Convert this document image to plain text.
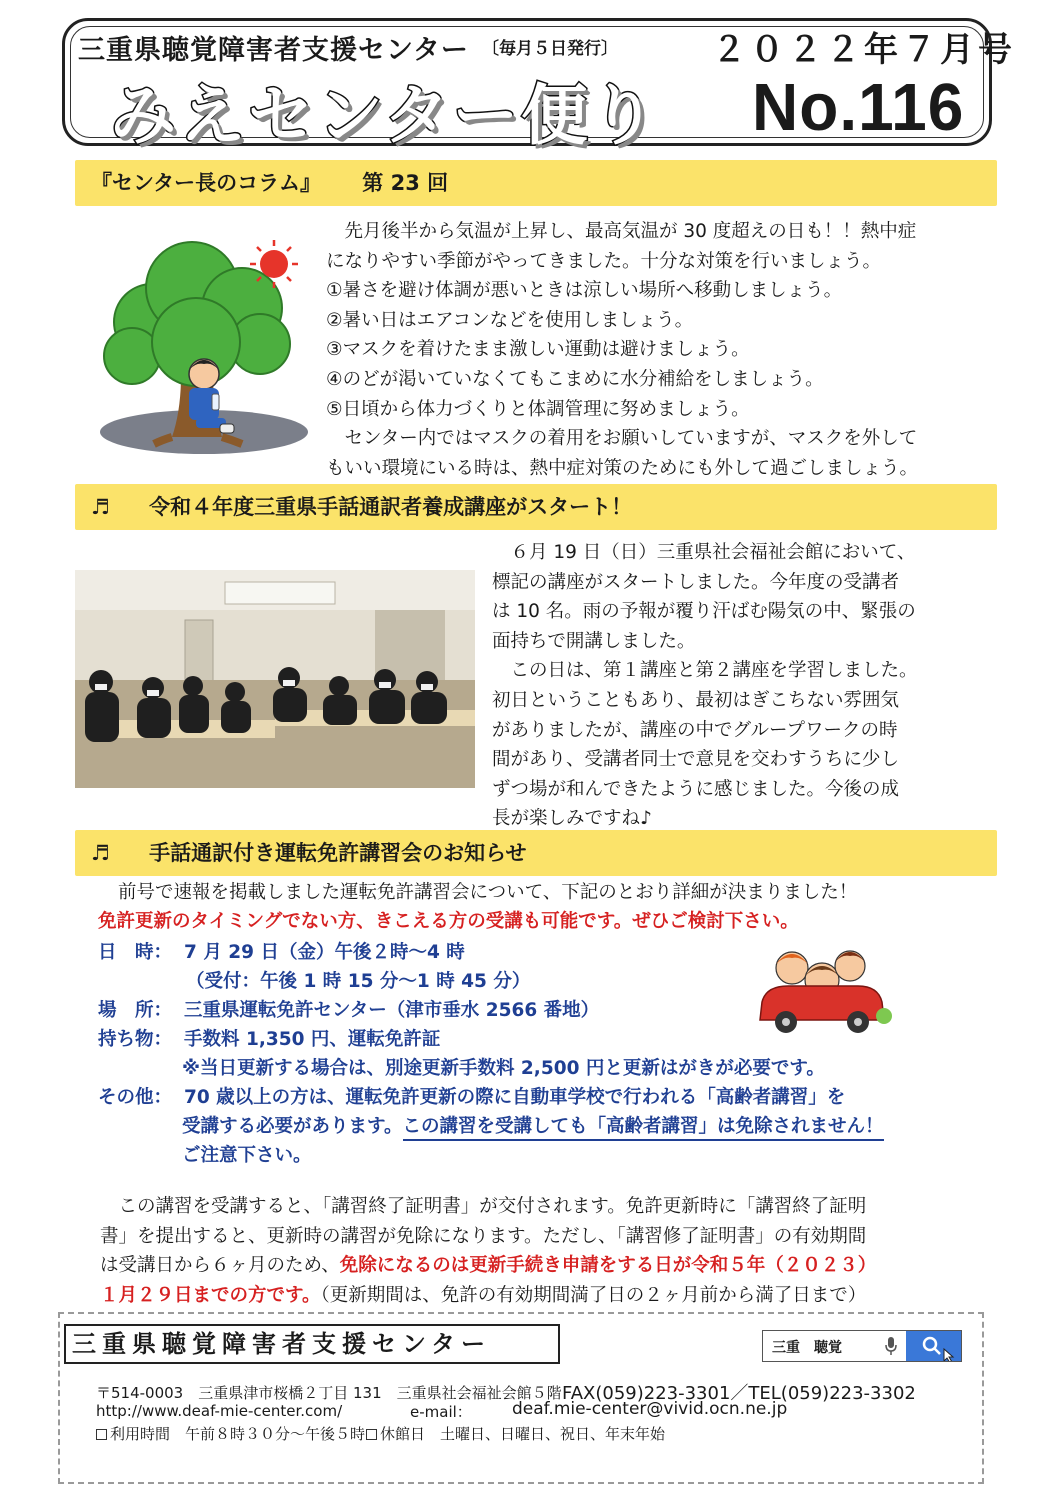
三重県聴覚障害者支援センター 〔毎月５日発行〕	２０２２年７月号
みえセンター便り No.116
『センター長のコラム』 第 23 回
　先月後半から気温が上昇し、最高気温が 30 度超えの日も！！熱中症
になりやすい季節がやってきました。十分な対策を行いましょう。
①暑さを避け体調が悪いときは涼しい場所へ移動しましょう。
②暑い日はエアコンなどを使用しましょう。
③マスクを着けたまま激しい運動は避けましょう。
④のどが渇いていなくてもこまめに水分補給をしましょう。
⑤日頃から体力づくりと体調管理に努めましょう。
　センター内ではマスクの着用をお願いしていますが、マスクを外して
もいい環境にいる時は、熱中症対策のためにも外して過ごしましょう。
♬ 令和４年度三重県手話通訳者養成講座がスタート！
　６月 19 日（日）三重県社会福祉会館において、
標記の講座がスタートしました。今年度の受講者
は 10 名。雨の予報が覆り汗ばむ陽気の中、緊張の
面持ちで開講しました。
　この日は、第１講座と第２講座を学習しました。
初日ということもあり、最初はぎこちない雰囲気
がありましたが、講座の中でグループワークの時
間があり、受講者同士で意見を交わすうちに少し
ずつ場が和んできたように感じました。今後の成
長が楽しみですね♪
♬ 手話通訳付き運転免許講習会のお知らせ
前号で速報を掲載しました運転免許講習会について、下記のとおり詳細が決まりました！
免許更新のタイミングでない方、きこえる方の受講も可能です。ぜひご検討下さい。
日　時： 7 月 29 日（金）午後２時～4 時
（受付：午後 1 時 15 分～1 時 45 分）
場　所： 三重県運転免許センター（津市垂水 2566 番地）
持ち物： 手数料 1,350 円、運転免許証
※当日更新する場合は、別途更新手数料 2,500 円と更新はがきが必要です。
その他： 70 歳以上の方は、運転免許更新の際に自動車学校で行われる「高齢者講習」を
受講する必要があります。この講習を受講しても「高齢者講習」は免除されません！
ご注意下さい。
　この講習を受講すると、「講習終了証明書」が交付されます。免許更新時に「講習終了証明
書」を提出すると、更新時の講習が免除になります。ただし、「講習修了証明書」の有効期間
は受講日から６ヶ月のため、免除になるのは更新手続き申請をする日が令和５年（２０２３）
１月２９日までの方です。（更新期間は、免許の有効期間満了日の２ヶ月前から満了日まで）
三重県聴覚障害者支援センター	三重　聴覚
〒514-0003　三重県津市桜橋２丁目 131　三重県社会福祉会館５階 FAX(059)223-3301／TEL(059)223-3302
http://www.deaf-mie-center.com/	e-mail： deaf.mie-center@vivid.ocn.ne.jp
利用時間　午前８時３０分～午後５時 休館日　土曜日、日曜日、祝日、年末年始
